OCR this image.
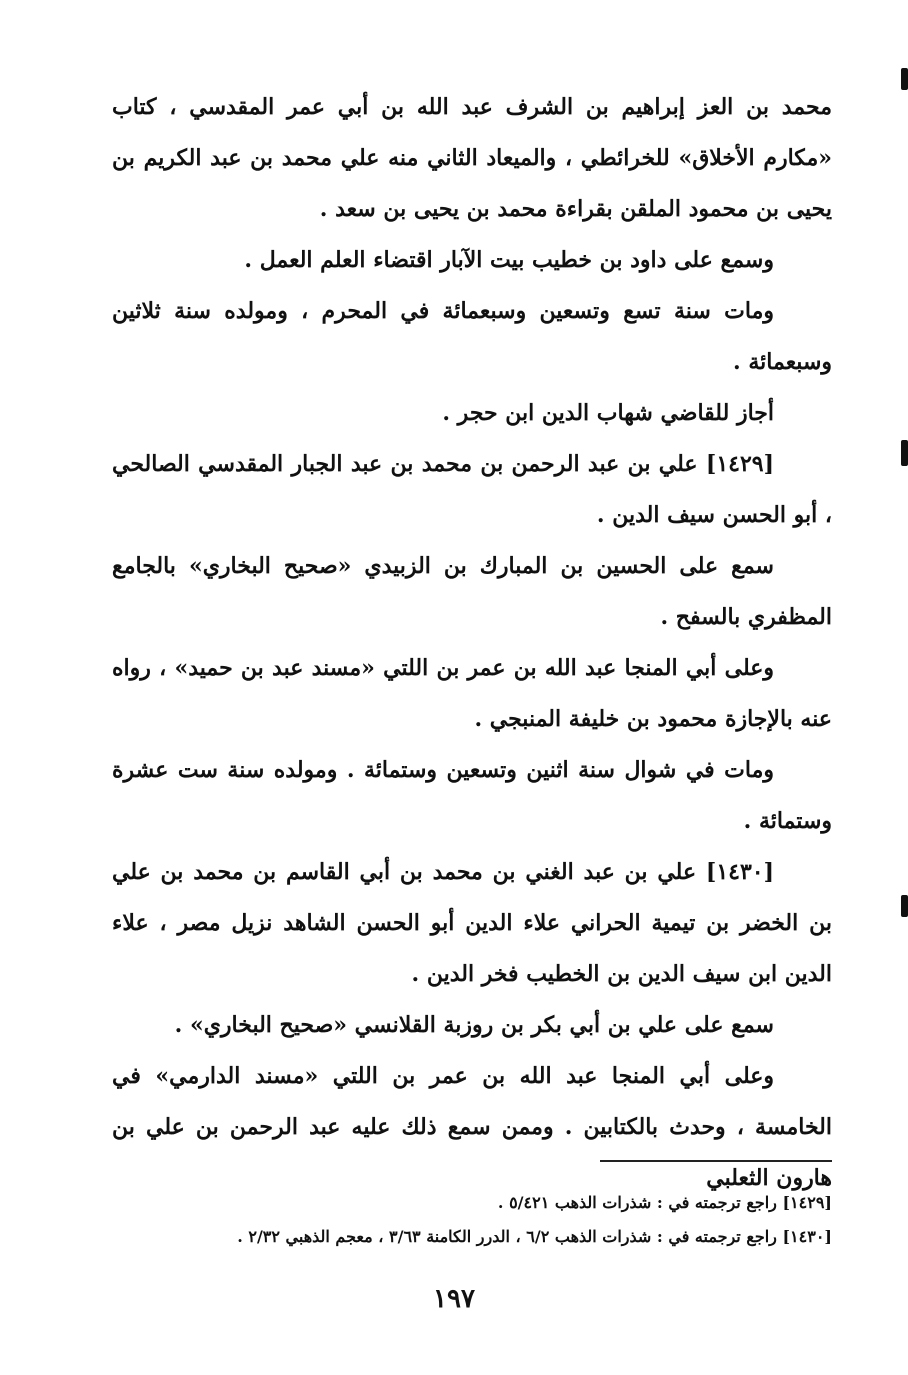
محمد بن العز إبراهيم بن الشرف عبد الله بن أبي عمر المقدسي ، كتاب «مكارم الأخلاق» للخرائطي ، والميعاد الثاني منه علي محمد بن عبد الكريم بن يحيى بن محمود الملقن بقراءة محمد بن يحيى بن سعد .

وسمع على داود بن خطيب بيت الآبار اقتضاء العلم العمل .

ومات سنة تسع وتسعين وسبعمائة في المحرم ، ومولده سنة ثلاثين وسبعمائة .

أجاز للقاضي شهاب الدين ابن حجر .

[١٤٢٩] علي بن عبد الرحمن بن محمد بن عبد الجبار المقدسي الصالحي ، أبو الحسن سيف الدين .

سمع على الحسين بن المبارك بن الزبيدي «صحيح البخاري» بالجامع المظفري بالسفح .

وعلى أبي المنجا عبد الله بن عمر بن اللتي «مسند عبد بن حميد» ، رواه عنه بالإجازة محمود بن خليفة المنبجي .

ومات في شوال سنة اثنين وتسعين وستمائة . ومولده سنة ست عشرة وستمائة .

[١٤٣٠] علي بن عبد الغني بن محمد بن أبي القاسم بن محمد بن علي بن الخضر بن تيمية الحراني علاء الدين أبو الحسن الشاهد نزيل مصر ، علاء الدين ابن سيف الدين بن الخطيب فخر الدين .

سمع على علي بن أبي بكر بن روزبة القلانسي «صحيح البخاري» .

وعلى أبي المنجا عبد الله بن عمر بن اللتي «مسند الدارمي» في الخامسة ، وحدث بالكتابين . وممن سمع ذلك عليه عبد الرحمن بن علي بن هارون الثعلبي

[١٤٢٩] راجع ترجمته في : شذرات الذهب ٥/٤٢١ .

[١٤٣٠] راجع ترجمته في : شذرات الذهب ٦/٢ ، الدرر الكامنة ٣/٦٣ ، معجم الذهبي ٢/٣٢ .

١٩٧
